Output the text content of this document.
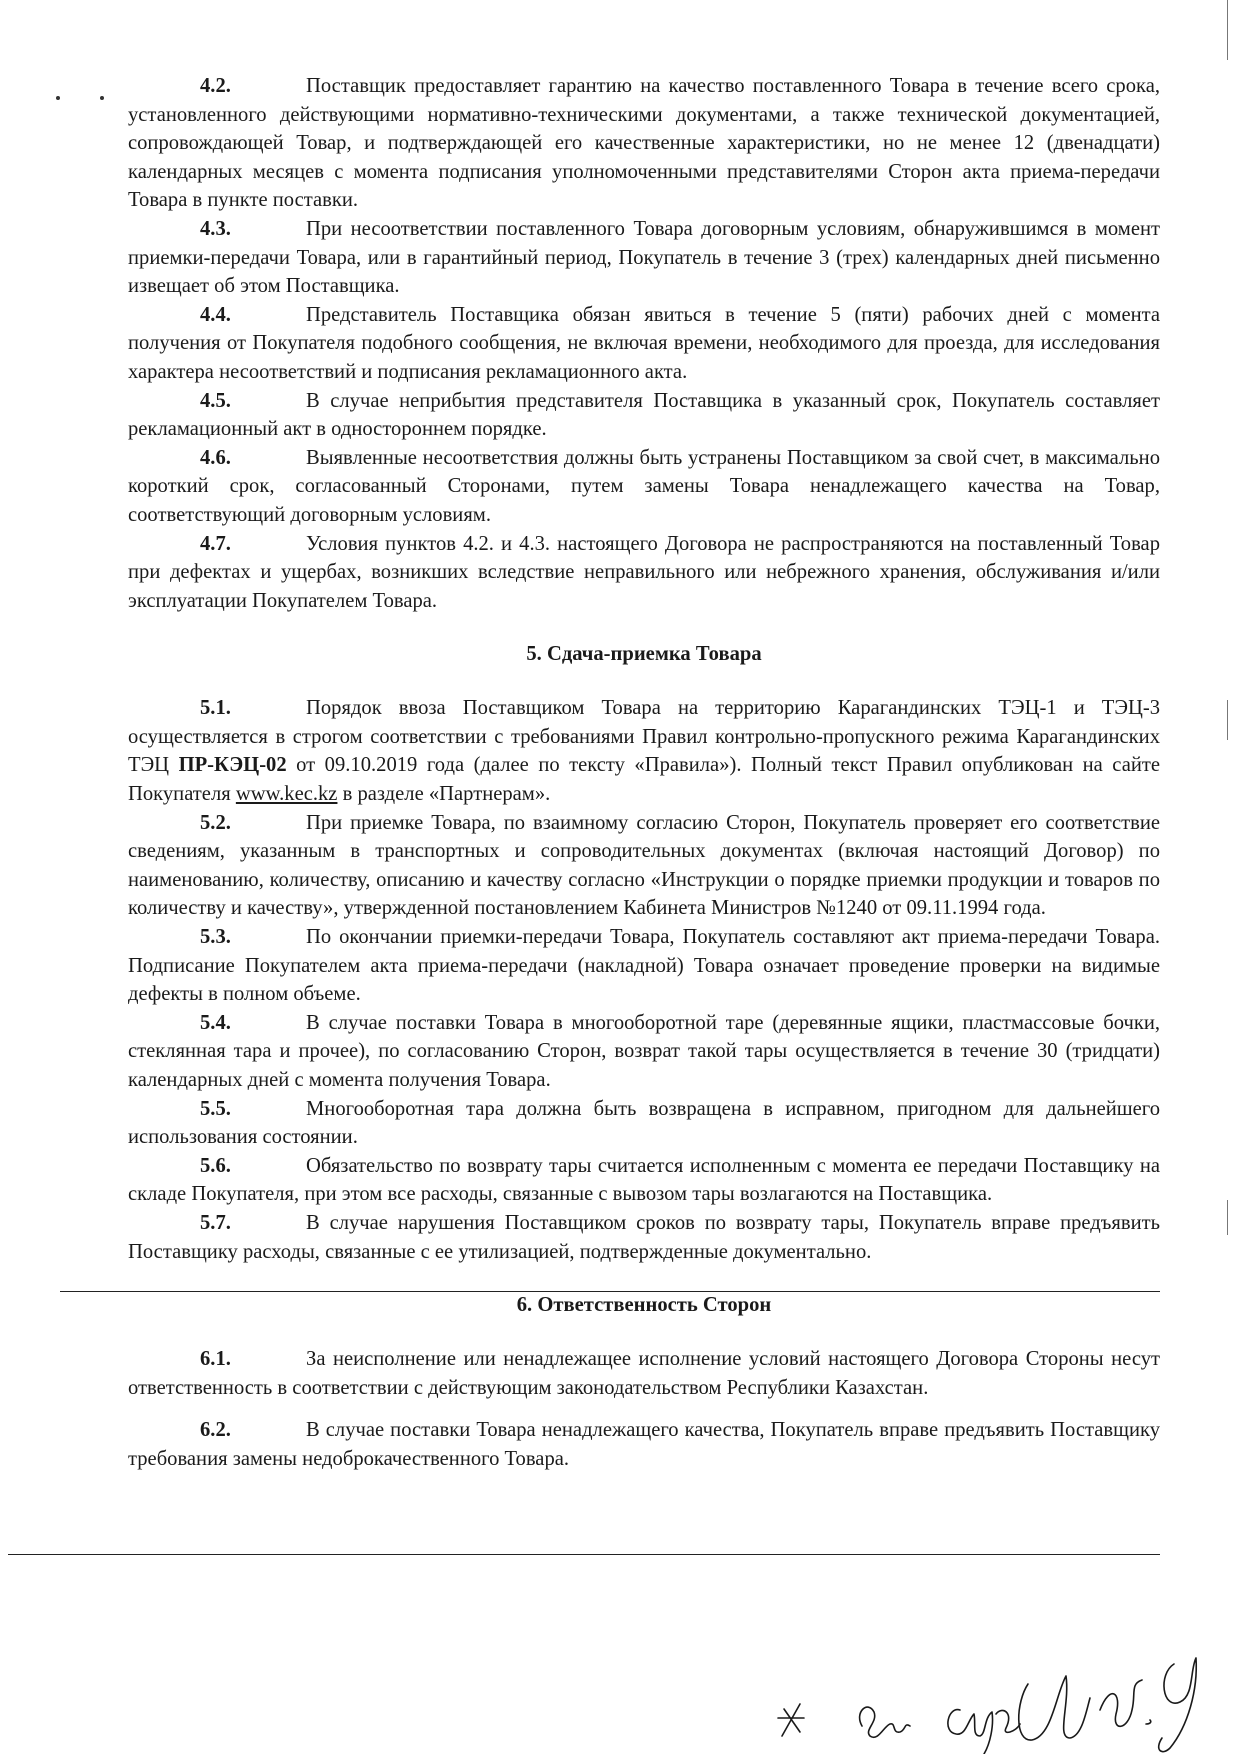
4.2.	Поставщик предоставляет гарантию на качество поставленного Товара в течение всего срока, установленного действующими нормативно-техническими документами, а также технической документацией, сопровождающей Товар, и подтверждающей его качественные характеристики, но не менее 12 (двенадцати) календарных месяцев с момента подписания уполномоченными представителями Сторон акта приема-передачи Товара в пункте поставки.

4.3.	При несоответствии поставленного Товара договорным условиям, обнаружившимся в момент приемки-передачи Товара, или в гарантийный период, Покупатель в течение 3 (трех) календарных дней письменно извещает об этом Поставщика.

4.4.	Представитель Поставщика обязан явиться в течение 5 (пяти) рабочих дней с момента получения от Покупателя подобного сообщения, не включая времени, необходимого для проезда, для исследования характера несоответствий и подписания рекламационного акта.

4.5.	В случае неприбытия представителя Поставщика в указанный срок, Покупатель составляет рекламационный акт в одностороннем порядке.

4.6.	Выявленные несоответствия должны быть устранены Поставщиком за свой счет, в максимально короткий срок, согласованный Сторонами, путем замены Товара ненадлежащего качества на Товар, соответствующий договорным условиям.

4.7.	Условия пунктов 4.2. и 4.3. настоящего Договора не распространяются на поставленный Товар при дефектах и ущербах, возникших вследствие неправильного или небрежного хранения, обслуживания и/или эксплуатации Покупателем Товара.

5. Сдача-приемка Товара

5.1.	Порядок ввоза Поставщиком Товара на территорию Карагандинских ТЭЦ-1 и ТЭЦ-3 осуществляется в строгом соответствии с требованиями Правил контрольно-пропускного режима Карагандинских ТЭЦ ПР-КЭЦ-02 от 09.10.2019 года (далее по тексту «Правила»). Полный текст Правил опубликован на сайте Покупателя www.kec.kz в разделе «Партнерам».

5.2.	При приемке Товара, по взаимному согласию Сторон, Покупатель проверяет его соответствие сведениям, указанным в транспортных и сопроводительных документах (включая настоящий Договор) по наименованию, количеству, описанию и качеству согласно «Инструкции о порядке приемки продукции и товаров по количеству и качеству», утвержденной постановлением Кабинета Министров №1240 от 09.11.1994 года.

5.3.	По окончании приемки-передачи Товара, Покупатель составляют акт приема-передачи Товара. Подписание Покупателем акта приема-передачи (накладной) Товара означает проведение проверки на видимые дефекты в полном объеме.

5.4.	В случае поставки Товара в многооборотной таре (деревянные ящики, пластмассовые бочки, стеклянная тара и прочее), по согласованию Сторон, возврат такой тары осуществляется в течение 30 (тридцати) календарных дней с момента получения Товара.

5.5.	Многооборотная тара должна быть возвращена в исправном, пригодном для дальнейшего использования состоянии.

5.6.	Обязательство по возврату тары считается исполненным с момента ее передачи Поставщику на складе Покупателя, при этом все расходы, связанные с вывозом тары возлагаются на Поставщика.

5.7.	В случае нарушения Поставщиком сроков по возврату тары, Покупатель вправе предъявить Поставщику расходы, связанные с ее утилизацией, подтвержденные документально.

6. Ответственность Сторон

6.1.	За неисполнение или ненадлежащее исполнение условий настоящего Договора Стороны несут ответственность в соответствии с действующим законодательством Республики Казахстан.

6.2.	В случае поставки Товара ненадлежащего качества, Покупатель вправе предъявить Поставщику требования замены недоброкачественного Товара.
